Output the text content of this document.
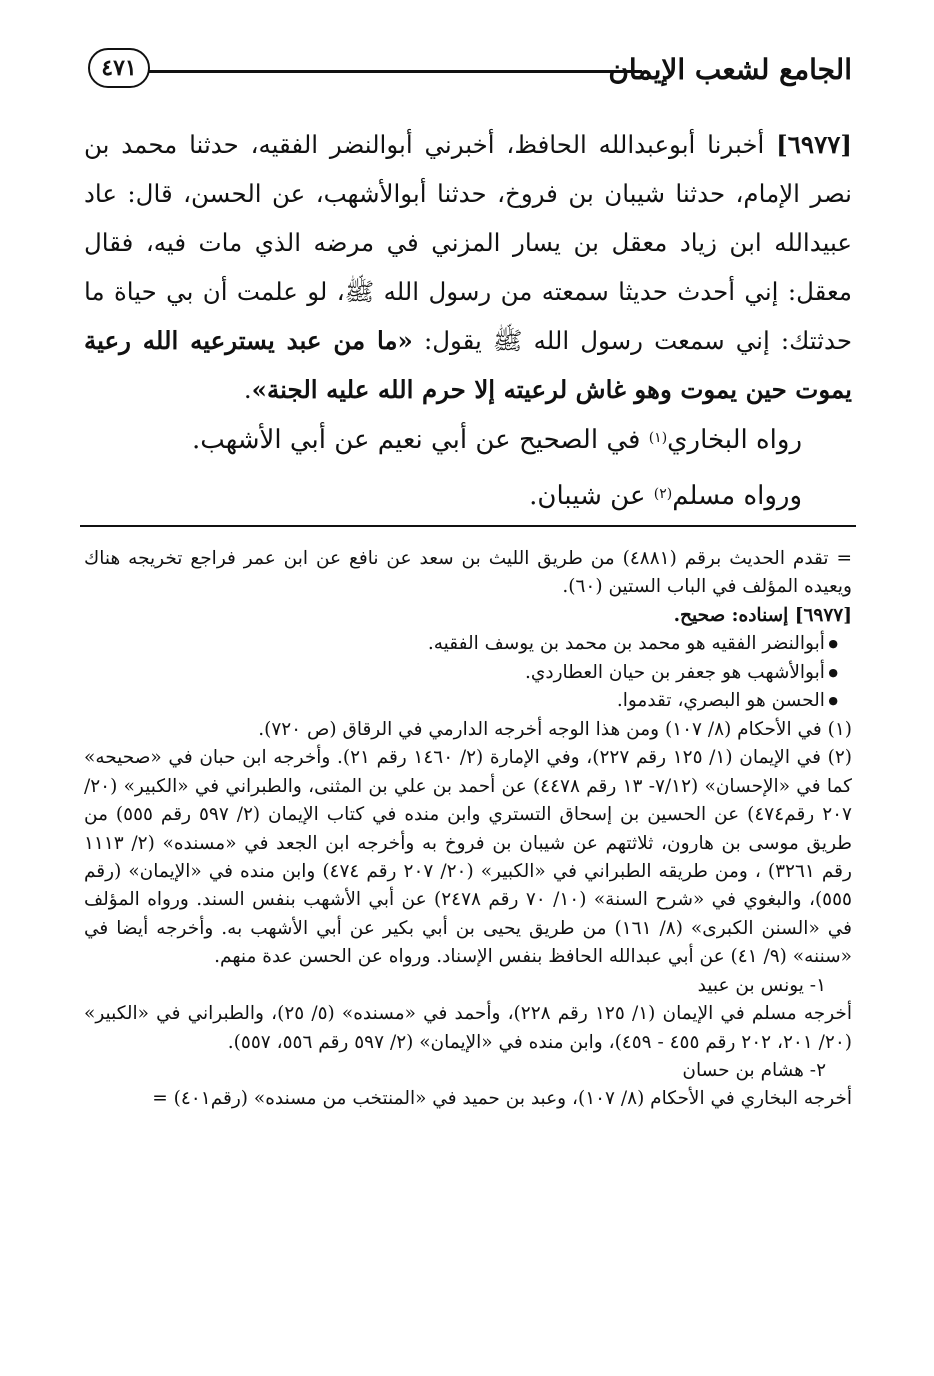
الجامع لشعب الإيمان
٤٧١

[٦٩٧٧] أخبرنا أبوعبدالله الحافظ، أخبرني أبوالنضر الفقيه، حدثنا محمد بن نصر الإمام، حدثنا شيبان بن فروخ، حدثنا أبوالأشهب، عن الحسن، قال: عاد عبيدالله ابن زياد معقل بن يسار المزني في مرضه الذي مات فيه، فقال معقل: إني أحدث حديثا سمعته من رسول الله ﷺ، لو علمت أن بي حياة ما حدثتك: إني سمعت رسول الله ﷺ يقول: «ما من عبد يسترعيه الله رعية يموت حين يموت وهو غاش لرعيته إلا حرم الله عليه الجنة».

رواه البخاري$^{(١)}$ في الصحيح عن أبي نعيم عن أبي الأشهب.

ورواه مسلم$^{(٢)}$ عن شيبان.

= تقدم الحديث برقم (٤٨٨١) من طريق الليث بن سعد عن نافع عن ابن عمر فراجع تخريجه هناك ويعيده المؤلف في الباب الستين (٦٠).

[٦٩٧٧] إسناده: صحيح.

● أبوالنضر الفقيه هو محمد بن محمد بن يوسف الفقيه.

● أبوالأشهب هو جعفر بن حيان العطاردي.

● الحسن هو البصري، تقدموا.

(١) في الأحكام (٨/ ١٠٧) ومن هذا الوجه أخرجه الدارمي في الرقاق (ص ٧٢٠).

(٢) في الإيمان (١/ ١٢٥ رقم ٢٢٧)، وفي الإمارة (٢/ ١٤٦٠ رقم ٢١). وأخرجه ابن حبان في «صحيحه» كما في «الإحسان» (٧/١٢- ١٣ رقم ٤٤٧٨) عن أحمد بن علي بن المثنى، والطبراني في «الكبير» (٢٠/ ٢٠٧ رقم٤٧٤) عن الحسين بن إسحاق التستري وابن منده في كتاب الإيمان (٢/ ٥٩٧ رقم ٥٥٥) من طريق موسى بن هارون، ثلاثتهم عن شيبان بن فروخ به وأخرجه ابن الجعد في «مسنده» (٢/ ١١١٣ رقم ٣٢٦١) ، ومن طريقه الطبراني في «الكبير» (٢٠/ ٢٠٧ رقم ٤٧٤) وابن منده في «الإيمان» (رقم ٥٥٥)، والبغوي في «شرح السنة» (١٠/ ٧٠ رقم ٢٤٧٨) عن أبي الأشهب بنفس السند. ورواه المؤلف في «السنن الكبرى» (٨/ ١٦١) من طريق يحيى بن أبي بكير عن أبي الأشهب به. وأخرجه أيضا في «سننه» (٩/ ٤١) عن أبي عبدالله الحافظ بنفس الإسناد. ورواه عن الحسن عدة منهم.

١- يونس بن عبيد

أخرجه مسلم في الإيمان (١/ ١٢٥ رقم ٢٢٨)، وأحمد في «مسنده» (٥/ ٢٥)، والطبراني في «الكبير» (٢٠/ ٢٠١، ٢٠٢ رقم ٤٥٥ - ٤٥٩)، وابن منده في «الإيمان» (٢/ ٥٩٧ رقم ٥٥٦، ٥٥٧).

٢- هشام بن حسان

أخرجه البخاري في الأحكام (٨/ ١٠٧)، وعبد بن حميد في «المنتخب من مسنده» (رقم٤٠١) =
